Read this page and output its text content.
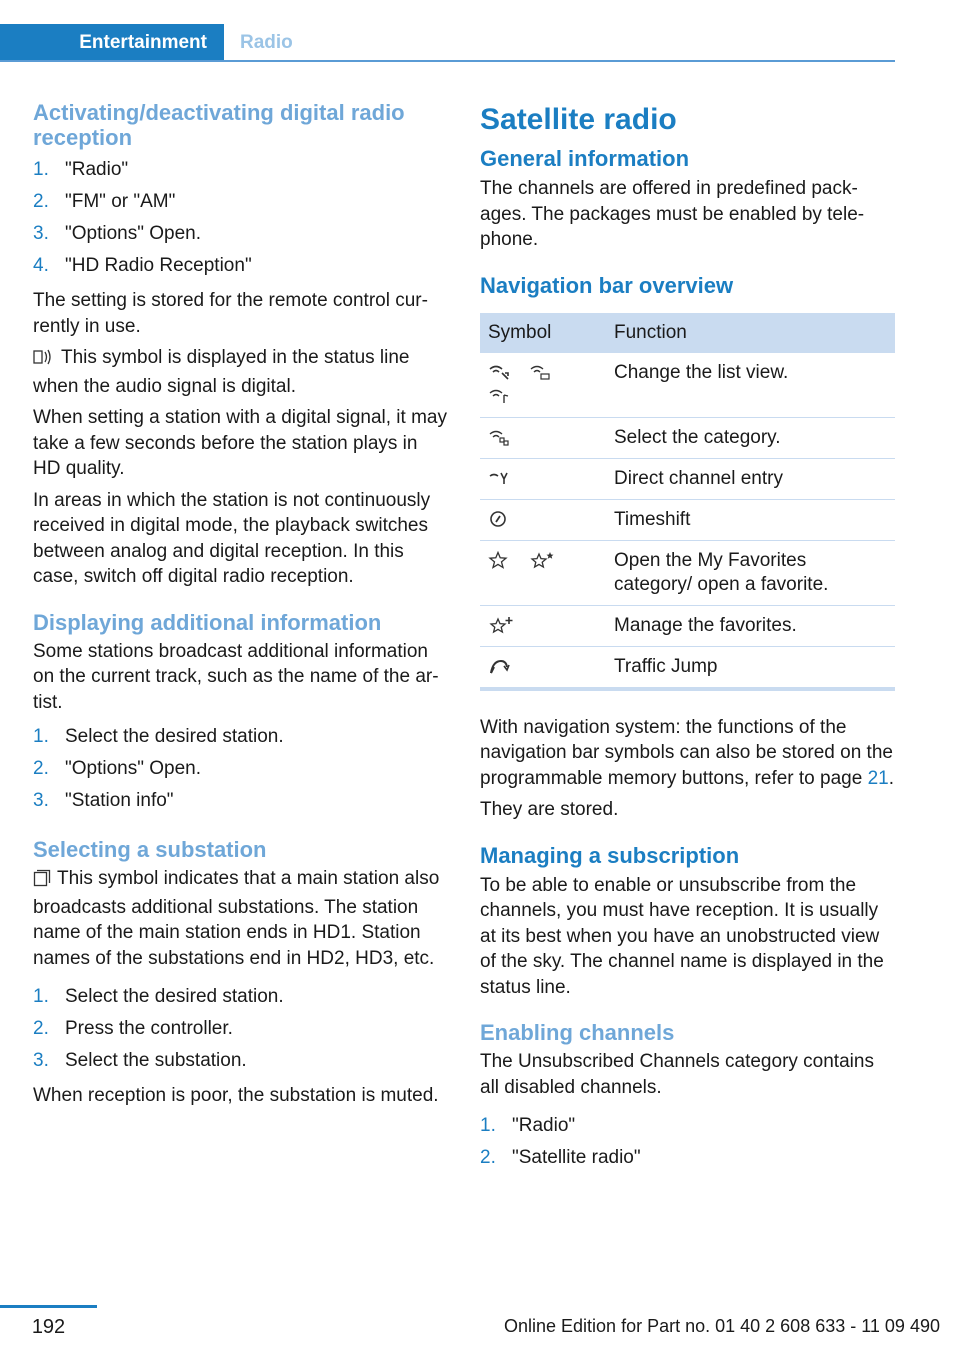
Entertainment	Radio
Activating/deactivating digital radio reception
1. "Radio"
2. "FM" or "AM"
3. "Options" Open.
4. "HD Radio Reception"

The setting is stored for the remote control cur-rently in use.

This symbol is displayed in the status line when the audio signal is digital.

When setting a station with a digital signal, it may take a few seconds before the station plays in HD quality.

In areas in which the station is not continuously received in digital mode, the playback switches between analog and digital reception. In this case, switch off digital radio reception.

Displaying additional information

Some stations broadcast additional information on the current track, such as the name of the ar-tist.

1. Select the desired station.
2. "Options" Open.
3. "Station info"
Selecting a substation

This symbol indicates that a main station also broadcasts additional substations. The station name of the main station ends in HD1. Station names of the substations end in HD2, HD3, etc.

1. Select the desired station.
2. Press the controller.
3. Select the substation.

When reception is poor, the substation is muted.

Satellite radio
General information

The channels are offered in predefined pack-ages. The packages must be enabled by tele-phone.

Navigation bar overview
Symbol	Function
	Change the list view.
	Select the category.
	Direct channel entry
	Timeshift
	Open the My Favorites category/ open a favorite.
	Manage the favorites.
	Traffic Jump

With navigation system: the functions of the navigation bar symbols can also be stored on the programmable memory buttons, refer to page 21.

They are stored.

Managing a subscription

To be able to enable or unsubscribe from the channels, you must have reception. It is usually at its best when you have an unobstructed view of the sky. The channel name is displayed in the status line.

Enabling channels

The Unsubscribed Channels category contains all disabled channels.

1. "Radio"
2. "Satellite radio"
192	Online Edition for Part no. 01 40 2 608 633 - 11 09 490
